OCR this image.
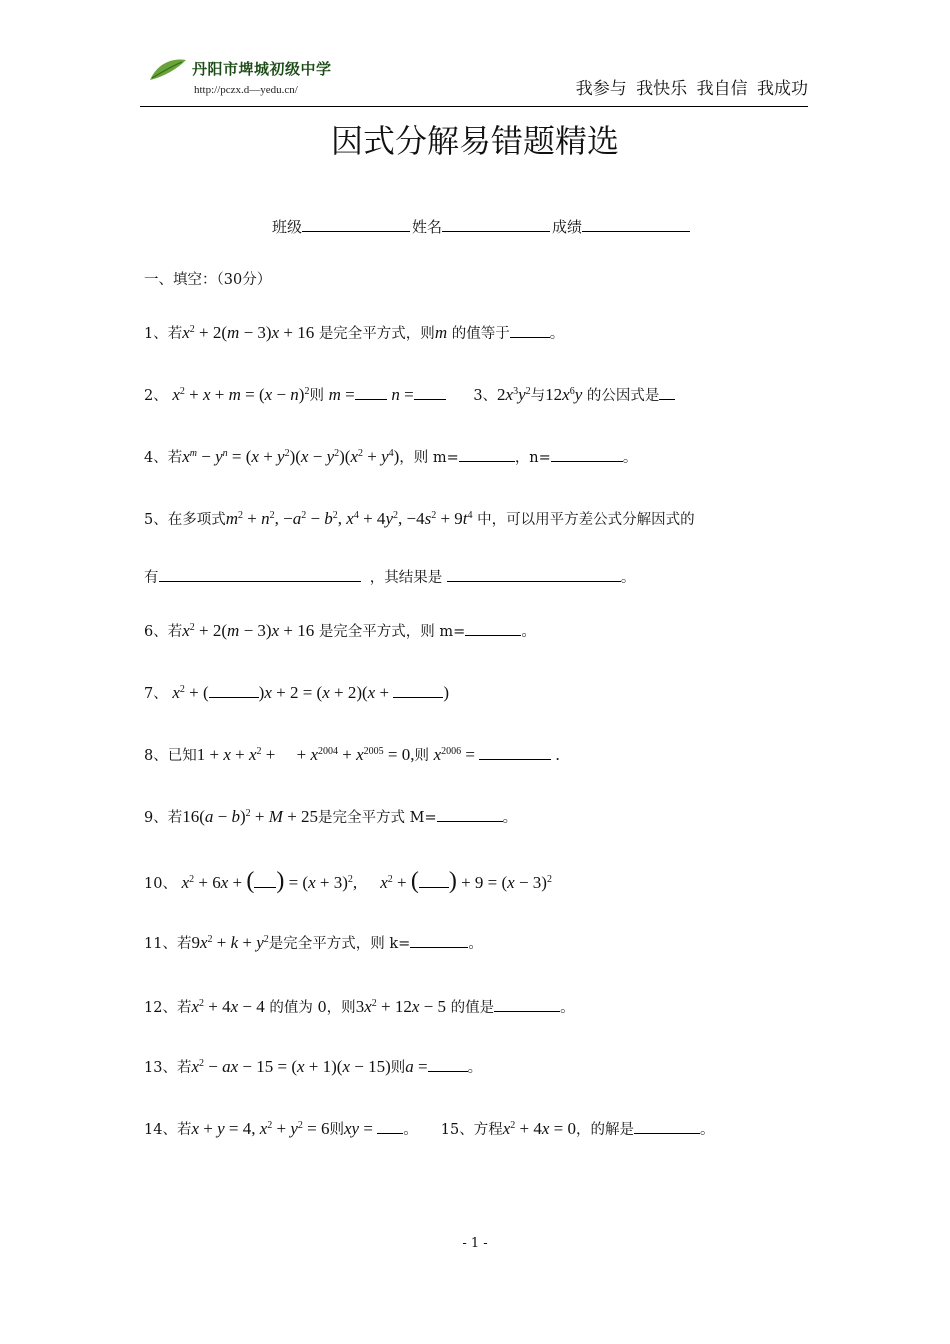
丹阳市埤城初级中学
http://pczx.d—yedu.cn/	我参与 我快乐 我自信 我成功
因式分解易错题精选
班级	姓名	成绩
一、填空：（30分）
1、若$x^2 + 2(m - 3)x + 16$ 是完全平方式，则m 的值等于	。
2、 $x^2 + x + m = (x - n)^2$则 m = n =	3、$2x^3y^2$与$12x^6y$ 的公因式是
4、若$x^m - y^n = (x + y^2)(x - y^2)(x^2 + y^4)$，则 m=	，n=	。
5、在多项式$m^2 + n^2$, $-a^2 - b^2$, $x^4 + 4y^2$, $-4s^2 + 9t^4$ 中，可以用平方差公式分解因式的
有	，其结果是	。
6、若$x^2 + 2(m - 3)x + 16$ 是完全平方式，则 m=	。
7、 $x^2$ + (	)x + 2 = (x + 2)(x +	)
8、已知$1 + x + x^2$ +     + $x^{2004} + x^{2005} = 0$,则 $x^{2006}$ =	.
9、若$16(a - b)^2 + M + 25$是完全平方式 M=	。
10、 $x^2 + 6x$ + ( ) = $(x + 3)^2$, $x^2$ + ( ) + $9 = (x - 3)^2$
11、若$9x^2 + k + y^2$是完全平方式，则 k=	。
12、若$x^2 + 4x - 4$ 的值为 0，则$3x^2 + 12x - 5$ 的值是	。
13、若$x^2$ − ax − 15 = (x + 1)(x − 15)则a =	。
14、若x + y = 4, $x^2 + y^2 = 6$则xy = 。 15、方程$x^2 + 4x = 0$，的解是	。
- 1 -
